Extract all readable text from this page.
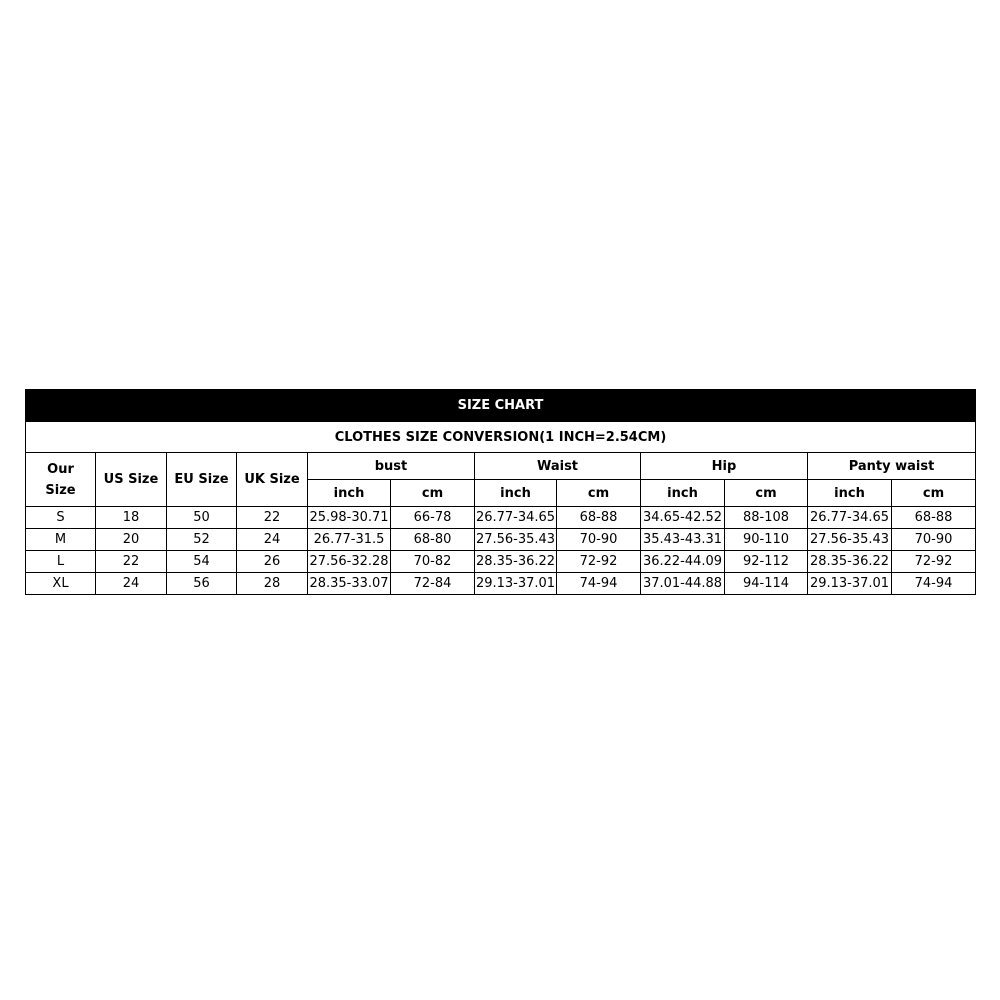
SIZE CHART											
CLOTHES SIZE CONVERSION(1 INCH=2.54CM)											
Our
Size	US Size	EU Size	UK Size	bust		Waist		Hip		Panty waist	
				inch	cm	inch	cm	inch	cm	inch	cm
S	18	50	22	25.98-30.71	66-78	26.77-34.65	68-88	34.65-42.52	88-108	26.77-34.65	68-88
M	20	52	24	26.77-31.5	68-80	27.56-35.43	70-90	35.43-43.31	90-110	27.56-35.43	70-90
L	22	54	26	27.56-32.28	70-82	28.35-36.22	72-92	36.22-44.09	92-112	28.35-36.22	72-92
XL	24	56	28	28.35-33.07	72-84	29.13-37.01	74-94	37.01-44.88	94-114	29.13-37.01	74-94
